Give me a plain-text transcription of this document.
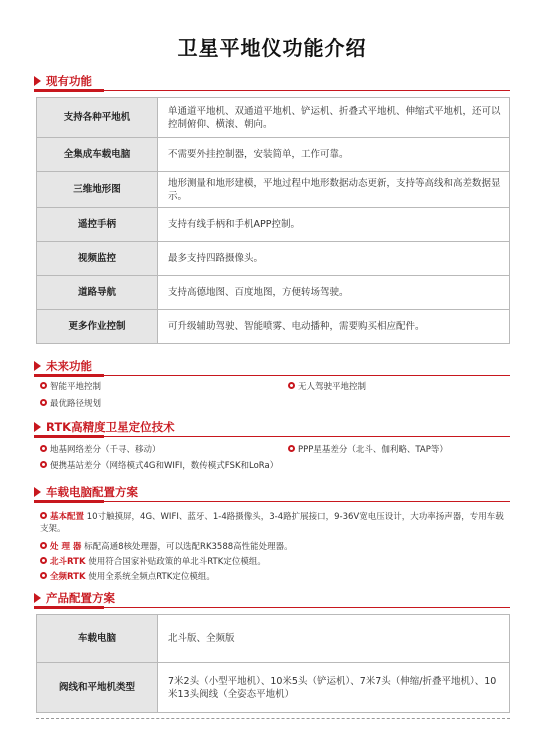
卫星平地仪功能介绍
现有功能
支持各种平地机	单通道平地机、双通道平地机、铲运机、折叠式平地机、伸缩式平地机，还可以控制俯仰、横滚、朝向。
全集成车载电脑	不需要外挂控制器，安装简单，工作可靠。
三维地形图	地形测量和地形建模，平地过程中地形数据动态更新，支持等高线和高差数据显示。
遥控手柄	支持有线手柄和手机APP控制。
视频监控	最多支持四路摄像头。
道路导航	支持高德地图、百度地图，方便转场驾驶。
更多作业控制	可升级辅助驾驶、智能喷雾、电动播种，需要购买相应配件。
未来功能
智能平地控制	无人驾驶平地控制
最优路径规划
RTK高精度卫星定位技术
地基网络差分（千寻、移动）	PPP星基差分（北斗、伽利略、TAP等）
便携基站差分（网络模式4G和WIFI，数传模式FSK和LoRa）
车载电脑配置方案
基本配置 10寸触摸屏，4G、WIFI、蓝牙、1-4路摄像头，3-4路扩展接口，9-36V宽电压设计，大功率扬声器，专用车载支架。
处 理 器 标配高通8核处理器，可以选配RK3588高性能处理器。
北斗RTK 使用符合国家补贴政策的单北斗RTK定位模组。
全频RTK 使用全系统全频点RTK定位模组。
产品配置方案
车载电脑	北斗版、全频版
阀线和平地机类型	7米2头（小型平地机）、10米5头（铲运机）、7米7头（伸缩/折叠平地机）、10米13头阀线（全姿态平地机）
